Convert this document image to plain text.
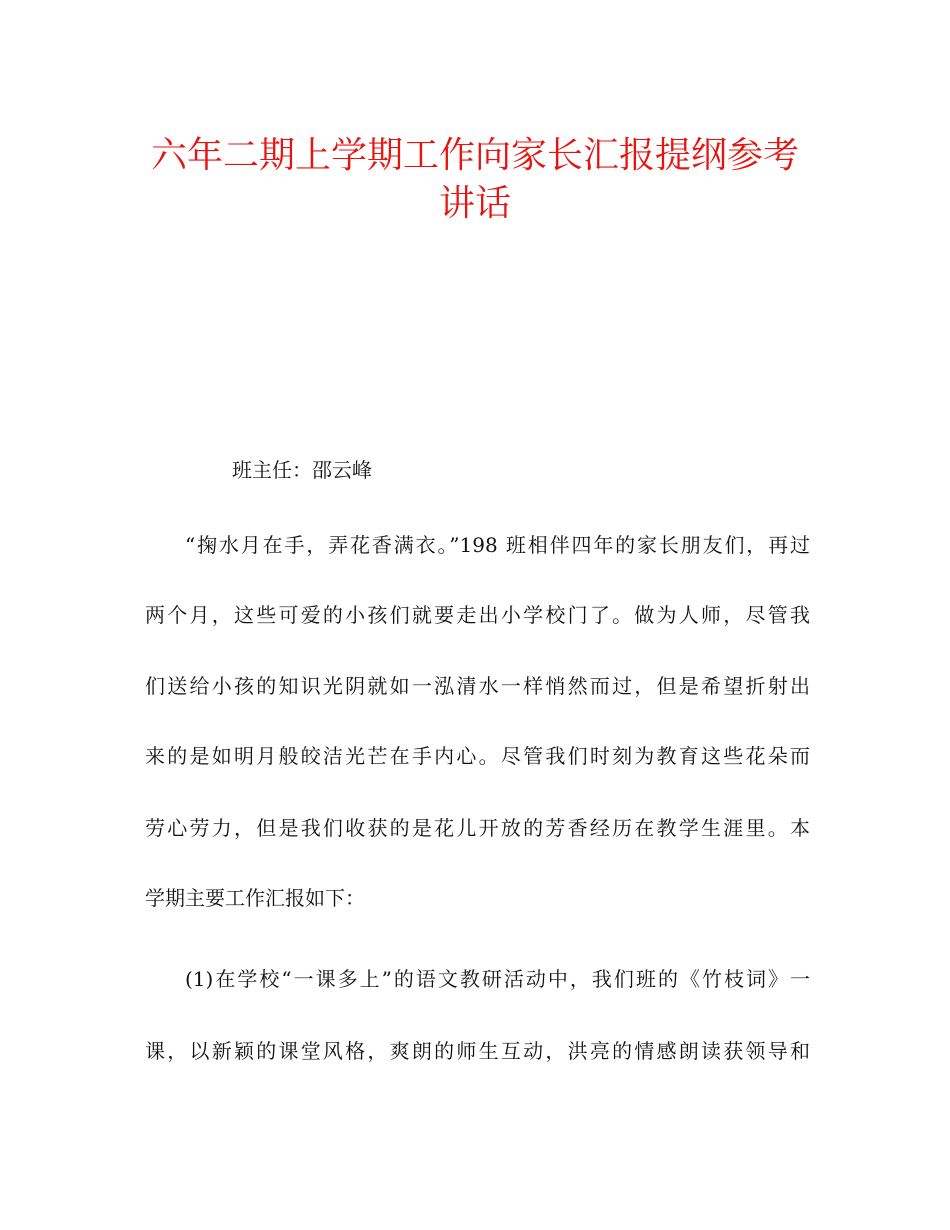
六年二期上学期工作向家长汇报提纲参考
讲话
班主任：邵云峰
“掬水月在手，弄花香满衣。”198 班相伴四年的家长朋友们，再过
两个月，这些可爱的小孩们就要走出小学校门了。做为人师，尽管我
们送给小孩的知识光阴就如一泓清水一样悄然而过，但是希望折射出
来的是如明月般皎洁光芒在手内心。尽管我们时刻为教育这些花朵而
劳心劳力，但是我们收获的是花儿开放的芳香经历在教学生涯里。本
学期主要工作汇报如下：
(1)在学校“一课多上”的语文教研活动中，我们班的《竹枝词》一
课，以新颖的课堂风格，爽朗的师生互动，洪亮的情感朗读获领导和
